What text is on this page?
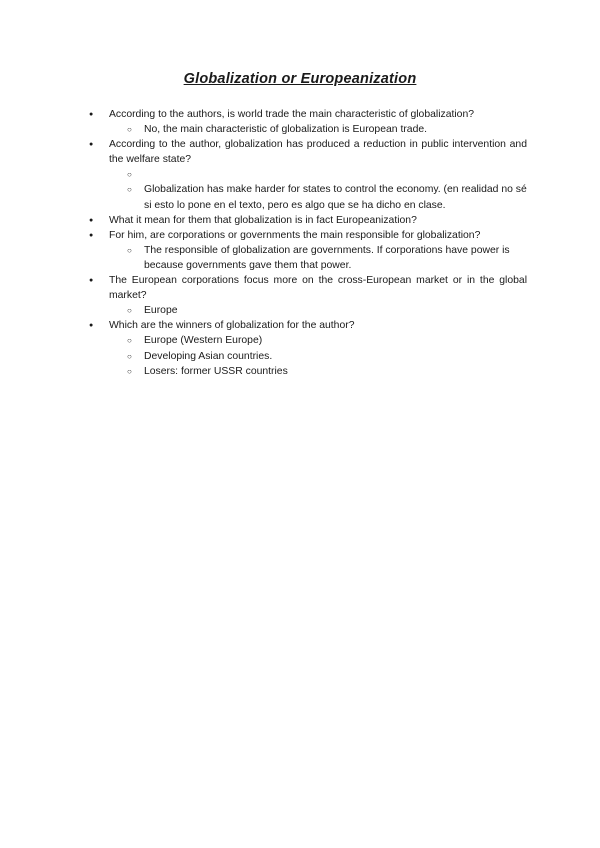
Globalization or Europeanization
● According to the authors, is world trade the main characteristic of globalization?
○ No, the main characteristic of globalization is European trade.
● According to the author, globalization has produced a reduction in public intervention and the welfare state?
○
○ Globalization has make harder for states to control the economy. (en realidad no sé si esto lo pone en el texto, pero es algo que se ha dicho en clase.
● What it mean for them that globalization is in fact Europeanization?
● For him, are corporations or governments the main responsible for globalization?
○ The responsible of globalization are governments. If corporations have power is because governments gave them that power.
● The European corporations focus more on the cross-European market or in the global market?
○ Europe
● Which are the winners of globalization for the author?
○ Europe (Western Europe)
○ Developing Asian countries.
○ Losers: former USSR countries
